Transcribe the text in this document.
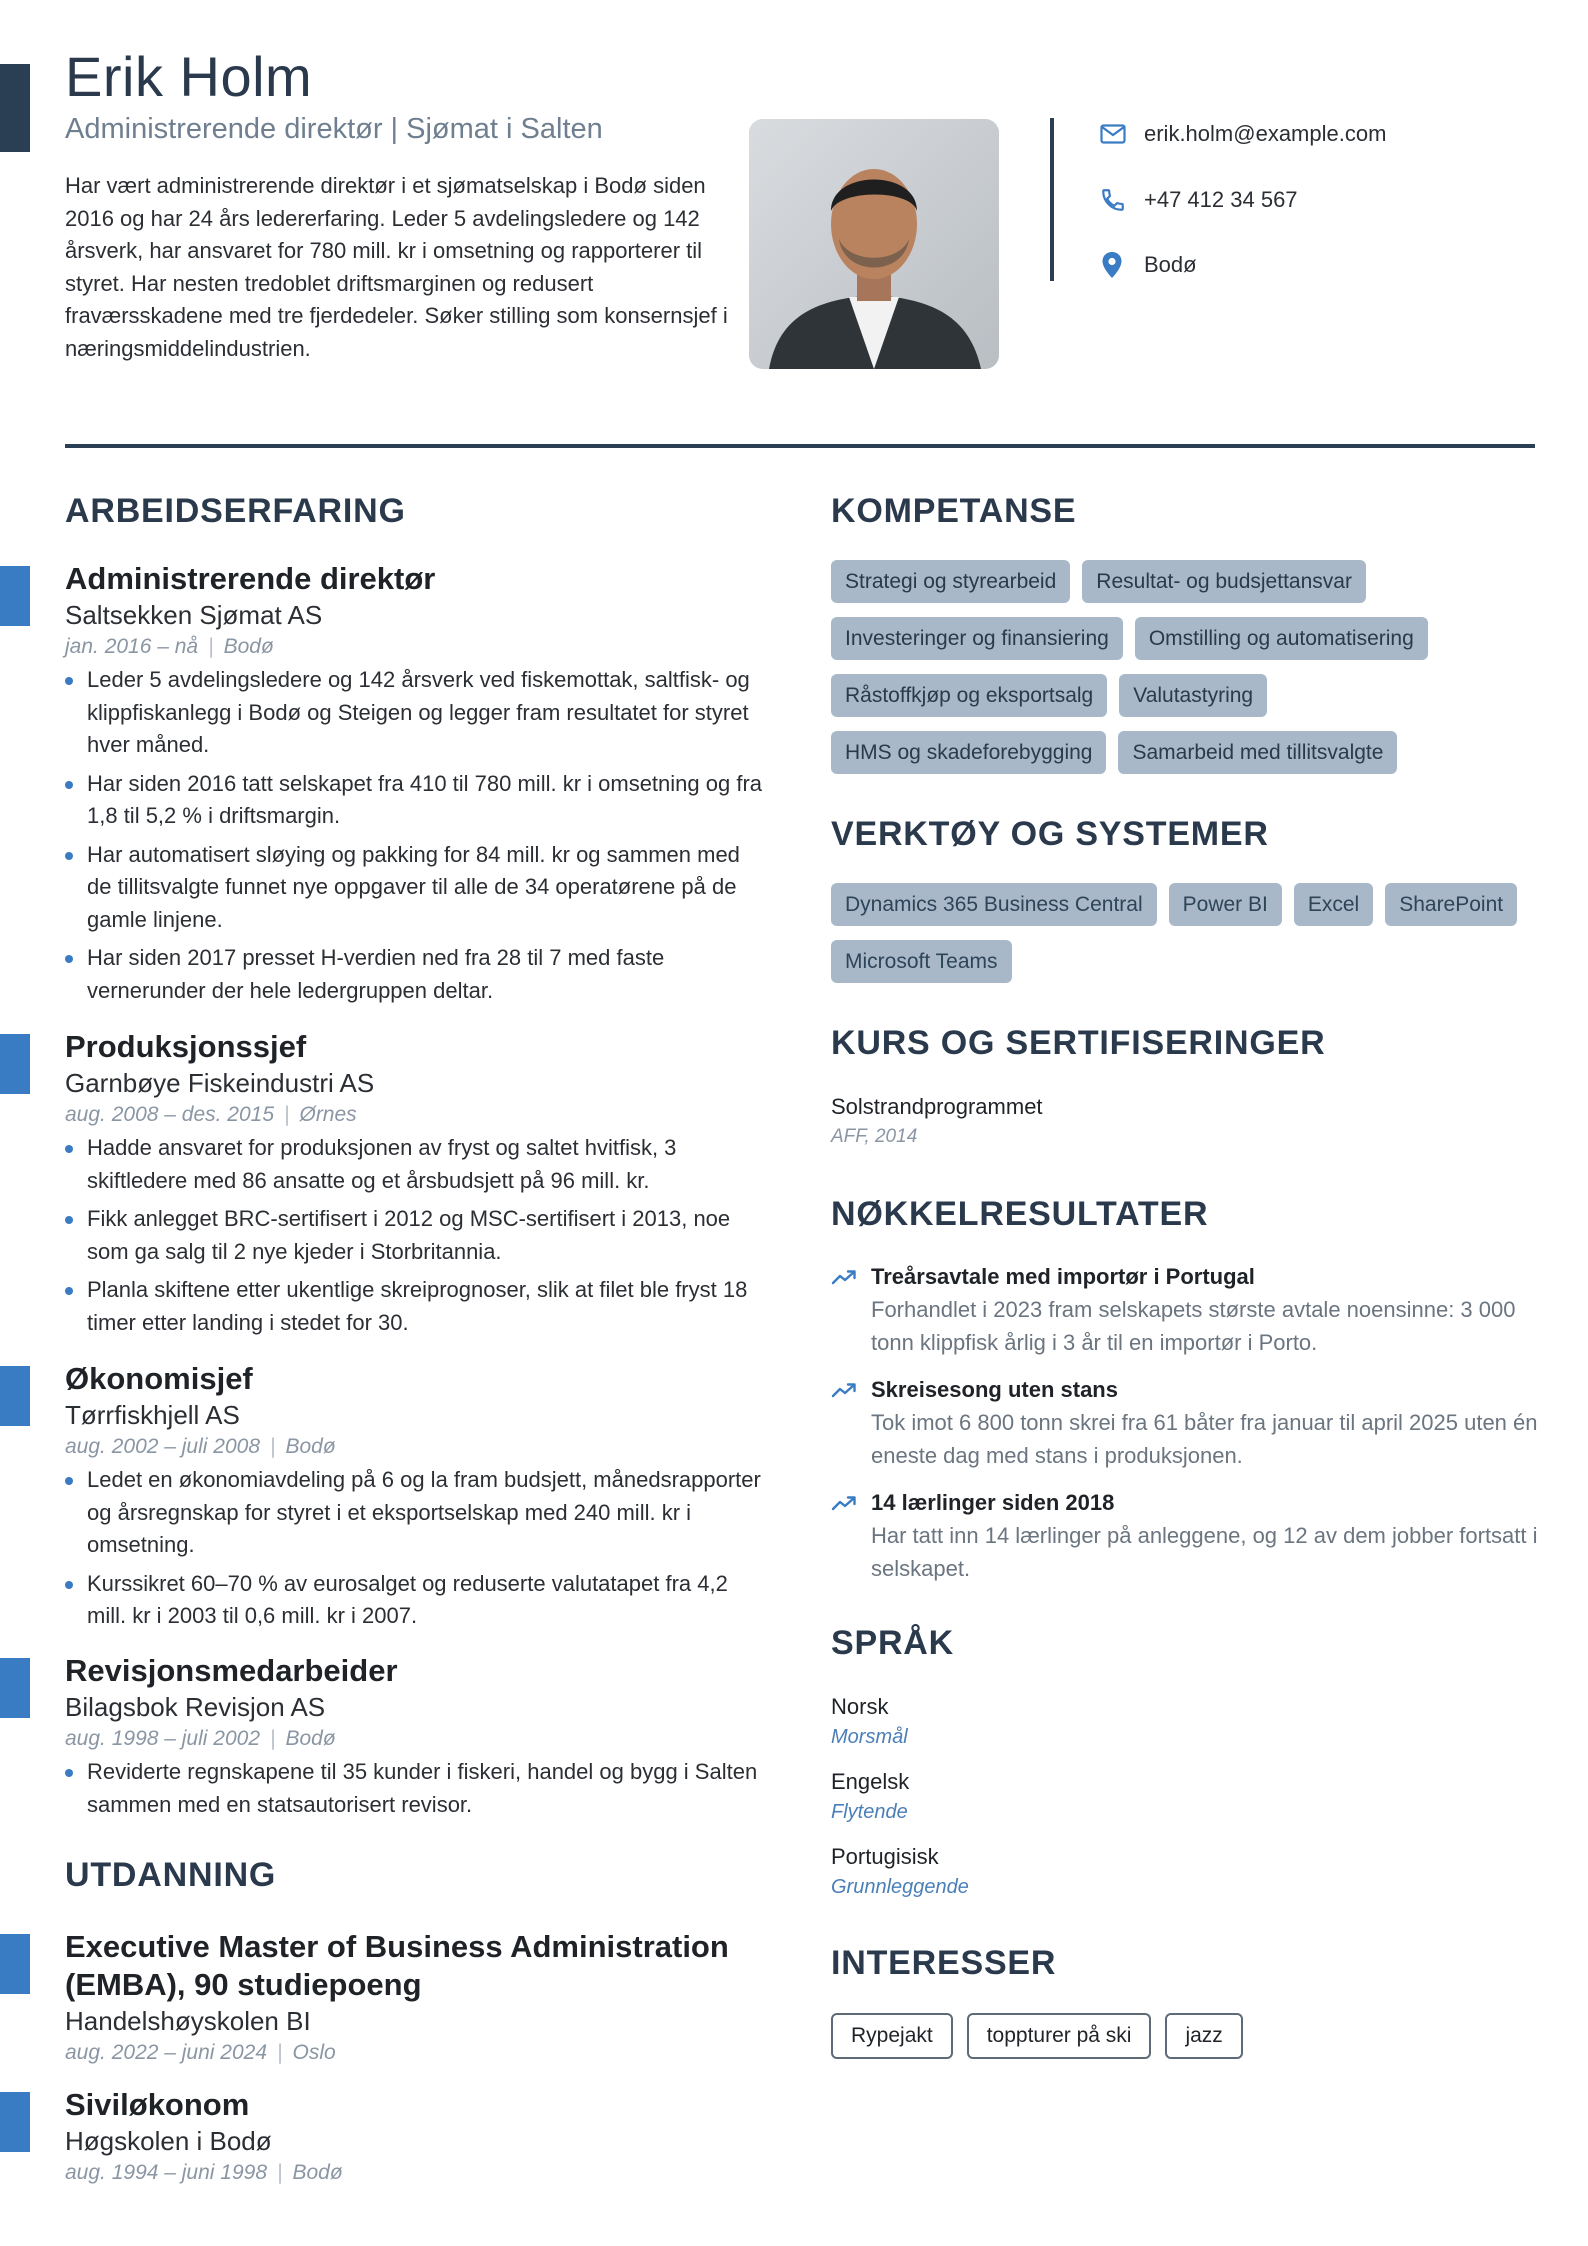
Erik Holm

Administrerende direktør | Sjømat i Salten

Har vært administrerende direktør i et sjømatselskap i Bodø siden 2016 og har 24 års ledererfaring. Leder 5 avdelingsledere og 142 årsverk, har ansvaret for 780 mill. kr i omsetning og rapporterer til styret. Har nesten tredoblet driftsmarginen og redusert fraværsskadene med tre fjerdedeler. Søker stilling som konsernsjef i næringsmiddelindustrien.

erik.holm@example.com
+47 412 34 567
Bodø
ARBEIDSERFARING
Administrerende direktør
Saltsekken Sjømat AS
jan. 2016 – nå | Bodø
Leder 5 avdelingsledere og 142 årsverk ved fiskemottak, saltfisk- og klippfiskanlegg i Bodø og Steigen og legger fram resultatet for styret hver måned.
Har siden 2016 tatt selskapet fra 410 til 780 mill. kr i omsetning og fra 1,8 til 5,2 % i driftsmargin.
Har automatisert sløying og pakking for 84 mill. kr og sammen med de tillitsvalgte funnet nye oppgaver til alle de 34 operatørene på de gamle linjene.
Har siden 2017 presset H-verdien ned fra 28 til 7 med faste vernerunder der hele ledergruppen deltar.
Produksjonssjef
Garnbøye Fiskeindustri AS
aug. 2008 – des. 2015 | Ørnes
Hadde ansvaret for produksjonen av fryst og saltet hvitfisk, 3 skiftledere med 86 ansatte og et årsbudsjett på 96 mill. kr.
Fikk anlegget BRC-sertifisert i 2012 og MSC-sertifisert i 2013, noe som ga salg til 2 nye kjeder i Storbritannia.
Planla skiftene etter ukentlige skreiprognoser, slik at filet ble fryst 18 timer etter landing i stedet for 30.
Økonomisjef
Tørrfiskhjell AS
aug. 2002 – juli 2008 | Bodø
Ledet en økonomiavdeling på 6 og la fram budsjett, månedsrapporter og årsregnskap for styret i et eksportselskap med 240 mill. kr i omsetning.
Kurssikret 60–70 % av eurosalget og reduserte valutatapet fra 4,2 mill. kr i 2003 til 0,6 mill. kr i 2007.
Revisjonsmedarbeider
Bilagsbok Revisjon AS
aug. 1998 – juli 2002 | Bodø
Reviderte regnskapene til 35 kunder i fiskeri, handel og bygg i Salten sammen med en statsautorisert revisor.
UTDANNING
Executive Master of Business Administration (EMBA), 90 studiepoeng
Handelshøyskolen BI
aug. 2022 – juni 2024 | Oslo
Siviløkonom
Høgskolen i Bodø
aug. 1994 – juni 1998 | Bodø
KOMPETANSE
Strategi og styrearbeid	Resultat- og budsjettansvar
Investeringer og finansiering	Omstilling og automatisering
Råstoffkjøp og eksportsalg	Valutastyring
HMS og skadeforebygging	Samarbeid med tillitsvalgte
VERKTØY OG SYSTEMER
Dynamics 365 Business Central	Power BI	Excel	SharePoint
Microsoft Teams
KURS OG SERTIFISERINGER
Solstrandprogrammet
AFF, 2014
NØKKELRESULTATER
Treårsavtale med importør i Portugal
Forhandlet i 2023 fram selskapets største avtale noensinne: 3 000 tonn klippfisk årlig i 3 år til en importør i Porto.
Skreisesong uten stans
Tok imot 6 800 tonn skrei fra 61 båter fra januar til april 2025 uten én eneste dag med stans i produksjonen.
14 lærlinger siden 2018
Har tatt inn 14 lærlinger på anleggene, og 12 av dem jobber fortsatt i selskapet.
SPRÅK
Norsk
Morsmål
Engelsk
Flytende
Portugisisk
Grunnleggende
INTERESSER
Rypejakt	toppturer på ski	jazz
